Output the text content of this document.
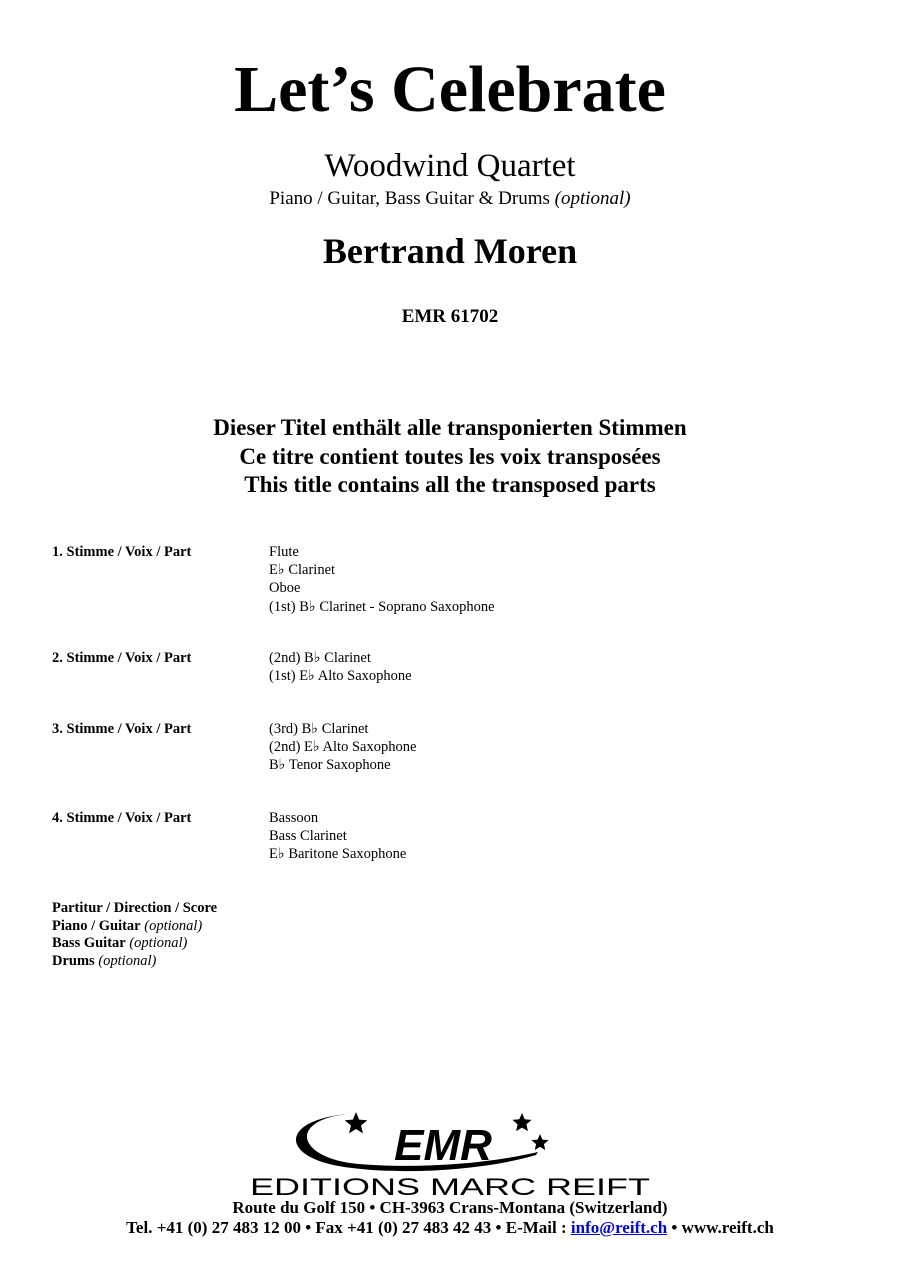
Let’s Celebrate
Woodwind Quartet
Piano / Guitar, Bass Guitar & Drums (optional)
Bertrand Moren
EMR 61702
Dieser Titel enthält alle transponierten Stimmen
Ce titre contient toutes les voix transposées
This title contains all the transposed parts
1. Stimme / Voix / Part	Flute
E♭ Clarinet
Oboe
(1st) B♭ Clarinet - Soprano Saxophone
2. Stimme / Voix / Part	(2nd) B♭ Clarinet
(1st) E♭ Alto Saxophone
3. Stimme / Voix / Part	(3rd) B♭ Clarinet
(2nd) E♭ Alto Saxophone
B♭ Tenor Saxophone
4. Stimme / Voix / Part	Bassoon
Bass Clarinet
E♭ Baritone Saxophone
Partitur / Direction / Score
Piano / Guitar (optional)
Bass Guitar (optional)
Drums (optional)
EMR
EDITIONS MARC REIFT
Route du Golf 150 • CH-3963 Crans-Montana (Switzerland)
Tel. +41 (0) 27 483 12 00 • Fax +41 (0) 27 483 42 43 • E-Mail : info@reift.ch • www.reift.ch
